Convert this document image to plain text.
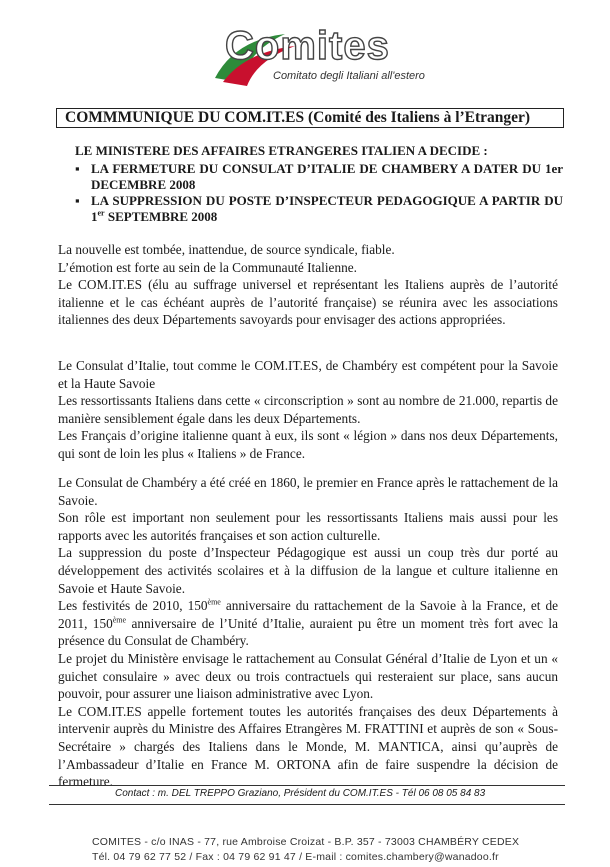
Comites
Comitato degli Italiani all'estero
COMMMUNIQUE DU COM.IT.ES (Comité des Italiens à l’Etranger)
LE MINISTERE DES AFFAIRES ETRANGERES ITALIEN A DECIDE :
▪ LA FERMETURE DU CONSULAT D’ITALIE DE CHAMBERY A DATER DU 1er DECEMBRE 2008
▪ LA SUPPRESSION DU POSTE D’INSPECTEUR PEDAGOGIQUE A PARTIR DU 1er SEPTEMBRE 2008

La nouvelle est tombée, inattendue, de source syndicale, fiable.

L’émotion est forte au sein de la Communauté Italienne.

Le COM.IT.ES (élu au suffrage universel et représentant les Italiens auprès de l’autorité italienne et le cas échéant auprès de l’autorité française) se réunira avec les associations italiennes des deux Départements savoyards pour envisager des actions appropriées.

Le Consulat d’Italie, tout comme le COM.IT.ES, de Chambéry est compétent pour la Savoie et la Haute Savoie

Les ressortissants Italiens dans cette « circonscription » sont au nombre de 21.000, repartis de manière sensiblement égale dans les deux Départements.

Les Français d’origine italienne quant à eux, ils sont « légion » dans nos deux Départements, qui sont de loin les plus « Italiens » de France.

Le Consulat de Chambéry a été créé en 1860, le premier en France après le rattachement de la Savoie.

Son rôle est important non seulement pour les ressortissants Italiens mais aussi pour les rapports avec les autorités françaises et son action culturelle.

La suppression du poste d’Inspecteur Pédagogique est aussi un coup très dur porté au développement des activités scolaires et à la diffusion de la langue et culture italienne en Savoie et Haute Savoie.

Les festivités de 2010, 150ème anniversaire du rattachement de la Savoie à la France, et de 2011, 150ème anniversaire de l’Unité d’Italie, auraient pu être un moment très fort avec la présence du Consulat de Chambéry.

Le projet du Ministère envisage le rattachement au Consulat Général d’Italie de Lyon et un « guichet consulaire » avec deux ou trois contractuels qui resteraient sur place, sans aucun pouvoir, pour assurer une liaison administrative avec Lyon.

Le COM.IT.ES appelle fortement toutes les autorités françaises des deux Départements à intervenir auprès du Ministre des Affaires Etrangères M. FRATTINI et auprès de son « Sous-Secrétaire » chargés des Italiens dans le Monde, M. MANTICA, ainsi qu’auprès de l’Ambassadeur d’Italie en France M. ORTONA afin de faire suspendre la décision de fermeture.

Contact : m. DEL TREPPO Graziano, Président du COM.IT.ES - Tél 06 08 05 84 83
COMITES - c/o INAS - 77, rue Ambroise Croizat - B.P. 357 - 73003 CHAMBÉRY CEDEX
Tél. 04 79 62 77 52 / Fax : 04 79 62 91 47 / E-mail : comites.chambery@wanadoo.fr
